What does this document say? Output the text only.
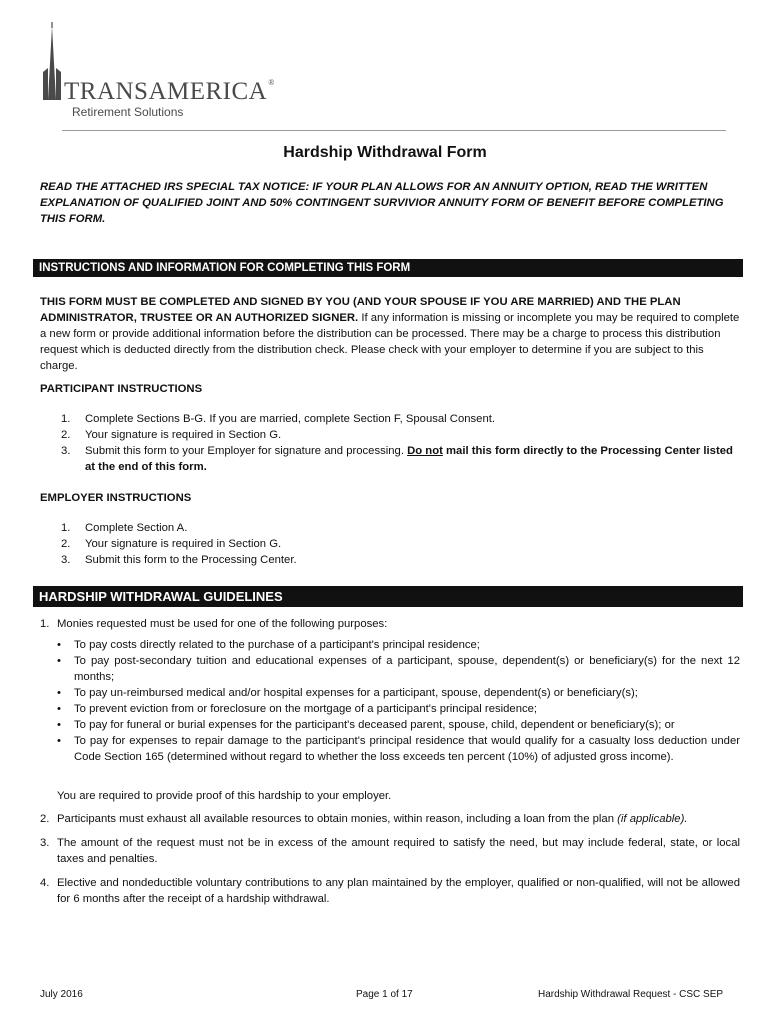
TRANSAMERICA®
Retirement Solutions
Hardship Withdrawal Form
READ THE ATTACHED IRS SPECIAL TAX NOTICE: IF YOUR PLAN ALLOWS FOR AN ANNUITY OPTION, READ THE WRITTEN EXPLANATION OF QUALIFIED JOINT AND 50% CONTINGENT SURVIVIOR ANNUITY FORM OF BENEFIT BEFORE COMPLETING THIS FORM.
INSTRUCTIONS AND INFORMATION FOR COMPLETING THIS FORM
THIS FORM MUST BE COMPLETED AND SIGNED BY YOU (AND YOUR SPOUSE IF YOU ARE MARRIED) AND THE PLAN ADMINISTRATOR, TRUSTEE OR AN AUTHORIZED SIGNER. If any information is missing or incomplete you may be required to complete a new form or provide additional information before the distribution can be processed. There may be a charge to process this distribution request which is deducted directly from the distribution check. Please check with your employer to determine if you are subject to this charge.
PARTICIPANT INSTRUCTIONS
1. Complete Sections B-G. If you are married, complete Section F, Spousal Consent.
2. Your signature is required in Section G.
3. Submit this form to your Employer for signature and processing. Do not mail this form directly to the Processing Center listed at the end of this form.
EMPLOYER INSTRUCTIONS
1. Complete Section A.
2. Your signature is required in Section G.
3. Submit this form to the Processing Center.
HARDSHIP WITHDRAWAL GUIDELINES
1. Monies requested must be used for one of the following purposes:
• To pay costs directly related to the purchase of a participant's principal residence;
• To pay post-secondary tuition and educational expenses of a participant, spouse, dependent(s) or beneficiary(s) for the next 12 months;
• To pay un-reimbursed medical and/or hospital expenses for a participant, spouse, dependent(s) or beneficiary(s);
• To prevent eviction from or foreclosure on the mortgage of a participant's principal residence;
• To pay for funeral or burial expenses for the participant's deceased parent, spouse, child, dependent or beneficiary(s); or
• To pay for expenses to repair damage to the participant's principal residence that would qualify for a casualty loss deduction under Code Section 165 (determined without regard to whether the loss exceeds ten percent (10%) of adjusted gross income).
You are required to provide proof of this hardship to your employer.
2. Participants must exhaust all available resources to obtain monies, within reason, including a loan from the plan (if applicable).
3. The amount of the request must not be in excess of the amount required to satisfy the need, but may include federal, state, or local taxes and penalties.
4. Elective and nondeductible voluntary contributions to any plan maintained by the employer, qualified or non-qualified, will not be allowed for 6 months after the receipt of a hardship withdrawal.
July 2016	Page 1 of 17	Hardship Withdrawal Request - CSC SEP
